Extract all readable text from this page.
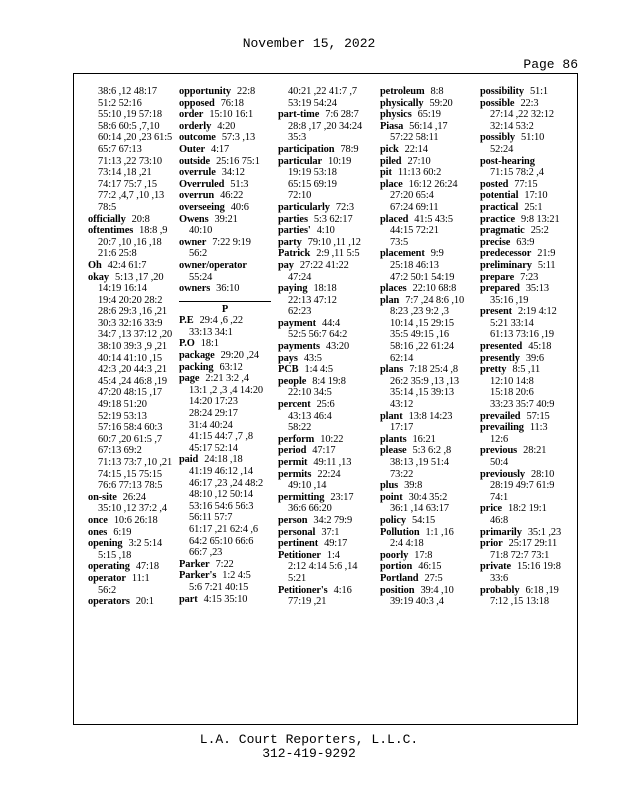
November 15, 2022
Page 86
38:6 ,12 48:17
51:2 52:16
55:10 ,19 57:18
58:6 60:5 ,7,10
60:14 ,20 ,23 61:5
65:7 67:13
71:13 ,22 73:10
73:14 ,18 ,21
74:17 75:7 ,15
77:2 ,4,7 ,10 ,13
78:5
officially 20:8
oftentimes 18:8 ,9
20:7 ,10 ,16 ,18
21:6 25:8
Oh 42:4 61:7
okay 5:13 ,17 ,20
14:19 16:14
19:4 20:20 28:2
28:6 29:3 ,16 ,21
30:3 32:16 33:9
34:7 ,13 37:12 ,20
38:10 39:3 ,9 ,21
40:14 41:10 ,15
42:3 ,20 44:3 ,21
45:4 ,24 46:8 ,19
47:20 48:15 ,17
49:18 51:20
52:19 53:13
57:16 58:4 60:3
60:7 ,20 61:5 ,7
67:13 69:2
71:13 73:7 ,10 ,21
74:15 ,15 75:15
76:6 77:13 78:5
on-site 26:24
35:10 ,12 37:2 ,4
once 10:6 26:18
ones 6:19
opening 3:2 5:14
5:15 ,18
operating 47:18
operator 11:1
56:2
operators 20:1
opportunity 22:8
opposed 76:18
order 15:10 16:1
orderly 4:20
outcome 57:3 ,13
Outer 4:17
outside 25:16 75:1
overrule 34:12
Overruled 51:3
overrun 46:22
overseeing 40:6
Owens 39:21
40:10
owner 7:22 9:19
56:2
owner/operator
55:24
owners 36:10
P
P.E 29:4 ,6 ,22
33:13 34:1
P.O 18:1
package 29:20 ,24
packing 63:12
page 2:21 3:2 ,4
13:1 ,2 ,3 ,4 14:20
14:20 17:23
28:24 29:17
31:4 40:24
41:15 44:7 ,7 ,8
45:17 52:14
paid 24:18 ,18
41:19 46:12 ,14
46:17 ,23 ,24 48:2
48:10 ,12 50:14
53:16 54:6 56:3
56:11 57:7
61:17 ,21 62:4 ,6
64:2 65:10 66:6
66:7 ,23
Parker 7:22
Parker's 1:2 4:5
5:6 7:21 40:15
part 4:15 35:10
40:21 ,22 41:7 ,7
53:19 54:24
part-time 7:6 28:7
28:8 ,17 ,20 34:24
35:3
participation 78:9
particular 10:19
19:19 53:18
65:15 69:19
72:10
particularly 72:3
parties 5:3 62:17
parties' 4:10
party 79:10 ,11 ,12
Patrick 2:9 ,11 5:5
pay 27:22 41:22
47:24
paying 18:18
22:13 47:12
62:23
payment 44:4
52:5 56:7 64:2
payments 43:20
pays 43:5
PCB 1:4 4:5
people 8:4 19:8
22:10 34:5
percent 25:6
43:13 46:4
58:22
perform 10:22
period 47:17
permit 49:11 ,13
permits 22:24
49:10 ,14
permitting 23:17
36:6 66:20
person 34:2 79:9
personal 37:1
pertinent 49:17
Petitioner 1:4
2:12 4:14 5:6 ,14
5:21
Petitioner's 4:16
77:19 ,21
petroleum 8:8
physically 59:20
physics 65:19
Piasa 56:14 ,17
57:22 58:11
pick 22:14
piled 27:10
pit 11:13 60:2
place 16:12 26:24
27:20 65:4
67:24 69:11
placed 41:5 43:5
44:15 72:21
73:5
placement 9:9
25:18 46:13
47:2 50:1 54:19
places 22:10 68:8
plan 7:7 ,24 8:6 ,10
8:23 ,23 9:2 ,3
10:14 ,15 29:15
35:5 49:15 ,16
58:16 ,22 61:24
62:14
plans 7:18 25:4 ,8
26:2 35:9 ,13 ,13
35:14 ,15 39:13
43:12
plant 13:8 14:23
17:17
plants 16:21
please 5:3 6:2 ,8
38:13 ,19 51:4
73:22
plus 39:8
point 30:4 35:2
36:1 ,14 63:17
policy 54:15
Pollution 1:1 ,16
2:4 4:18
poorly 17:8
portion 46:15
Portland 27:5
position 39:4 ,10
39:19 40:3 ,4
possibility 51:1
possible 22:3
27:14 ,22 32:12
32:14 53:2
possibly 51:10
52:24
post-hearing
71:15 78:2 ,4
posted 77:15
potential 17:10
practical 25:1
practice 9:8 13:21
pragmatic 25:2
precise 63:9
predecessor 21:9
preliminary 5:11
prepare 7:23
prepared 35:13
35:16 ,19
present 2:19 4:12
5:21 33:14
61:13 73:16 ,19
presented 45:18
presently 39:6
pretty 8:5 ,11
12:10 14:8
15:18 20:6
33:23 35:7 40:9
prevailed 57:15
prevailing 11:3
12:6
previous 28:21
50:4
previously 28:10
28:19 49:7 61:9
74:1
price 18:2 19:1
46:8
primarily 35:1 ,23
prior 25:17 29:11
71:8 72:7 73:1
private 15:16 19:8
33:6
probably 6:18 ,19
7:12 ,15 13:18
L.A. Court Reporters, L.L.C.
312-419-9292
